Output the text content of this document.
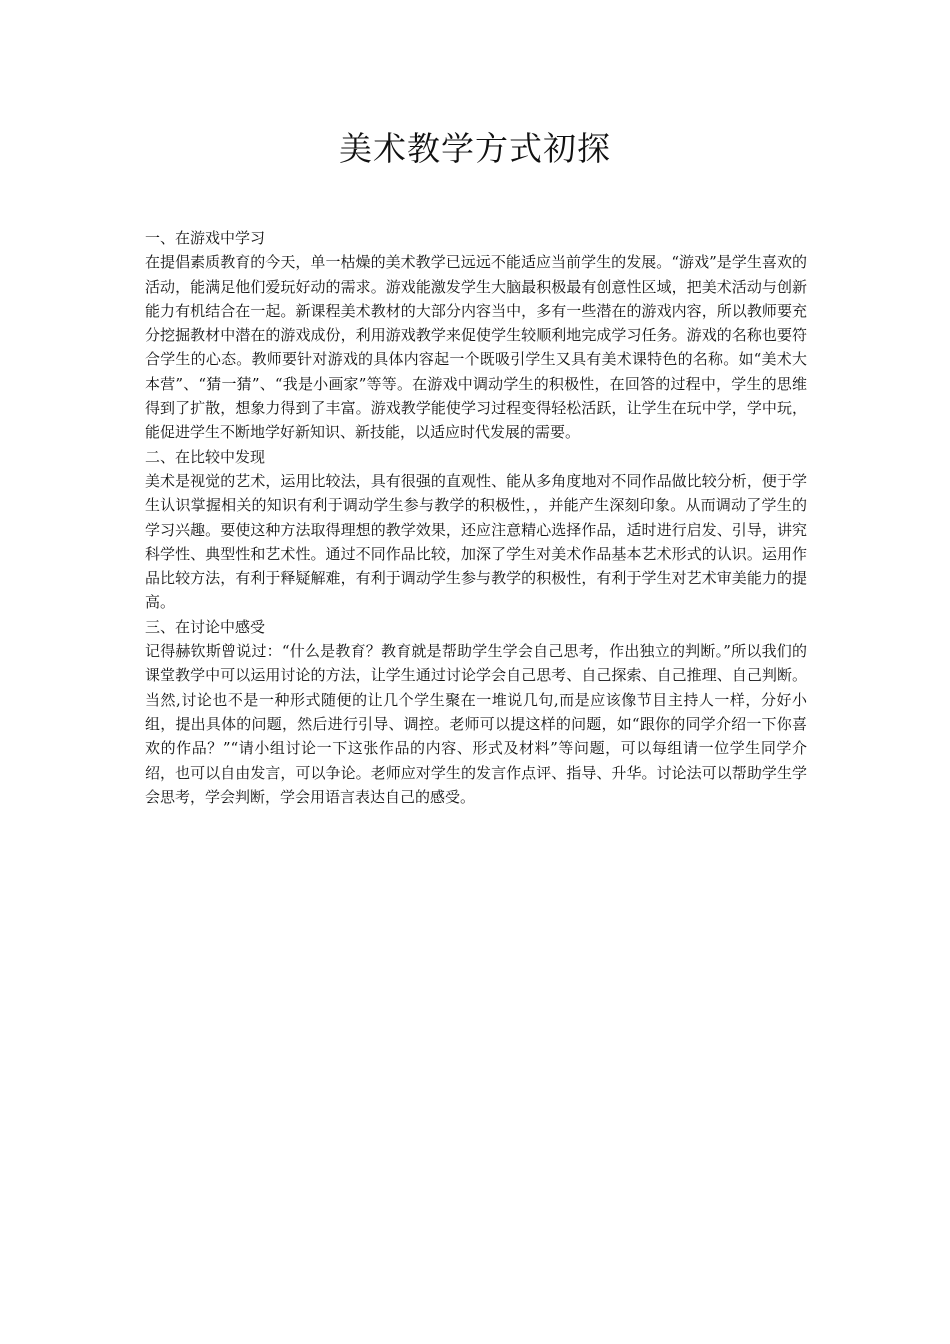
美术教学方式初探
一、在游戏中学习

在提倡素质教育的今天，单一枯燥的美术教学已远远不能适应当前学生的发展。“游戏”是学生喜欢的活动，能满足他们爱玩好动的需求。游戏能激发学生大脑最积极最有创意性区域，把美术活动与创新能力有机结合在一起。新课程美术教材的大部分内容当中，多有一些潜在的游戏内容，所以教师要充分挖掘教材中潜在的游戏成份，利用游戏教学来促使学生较顺利地完成学习任务。游戏的名称也要符合学生的心态。教师要针对游戏的具体内容起一个既吸引学生又具有美术课特色的名称。如“美术大本营”、“猜一猜”、“我是小画家”等等。在游戏中调动学生的积极性，在回答的过程中，学生的思维得到了扩散，想象力得到了丰富。游戏教学能使学习过程变得轻松活跃，让学生在玩中学，学中玩，能促进学生不断地学好新知识、新技能，以适应时代发展的需要。

二、在比较中发现

美术是视觉的艺术，运用比较法，具有很强的直观性、能从多角度地对不同作品做比较分析，便于学生认识掌握相关的知识有利于调动学生参与教学的积极性，，并能产生深刻印象。从而调动了学生的学习兴趣。要使这种方法取得理想的教学效果，还应注意精心选择作品，适时进行启发、引导，讲究科学性、典型性和艺术性。通过不同作品比较，加深了学生对美术作品基本艺术形式的认识。运用作品比较方法，有利于释疑解难，有利于调动学生参与教学的积极性，有利于学生对艺术审美能力的提高。

三、在讨论中感受

记得赫钦斯曾说过：“什么是教育？教育就是帮助学生学会自己思考，作出独立的判断。”所以我们的课堂教学中可以运用讨论的方法，让学生通过讨论学会自己思考、自己探索、自己推理、自己判断。当然,讨论也不是一种形式随便的让几个学生聚在一堆说几句,而是应该像节目主持人一样，分好小组，提出具体的问题，然后进行引导、调控。老师可以提这样的问题，如“跟你的同学介绍一下你喜欢的作品？”“请小组讨论一下这张作品的内容、形式及材料”等问题，可以每组请一位学生同学介绍，也可以自由发言，可以争论。老师应对学生的发言作点评、指导、升华。讨论法可以帮助学生学会思考，学会判断，学会用语言表达自己的感受。
